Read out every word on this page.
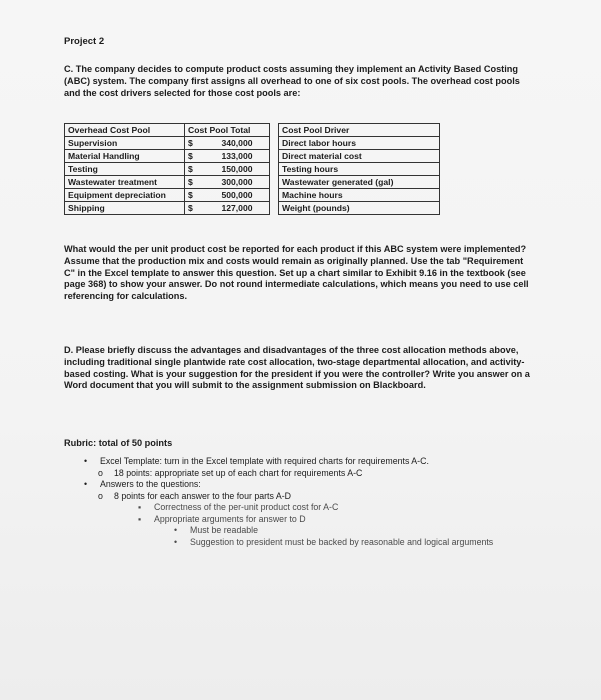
Project 2
C. The company decides to compute product costs assuming they implement an Activity Based Costing (ABC) system. The company first assigns all overhead to one of six cost pools. The overhead cost pools and the cost drivers selected for those cost pools are:
Overhead Cost Pool	Cost Pool Total			Cost Pool Driver
Supervision	$	340,000		Direct labor hours
Material Handling	$	133,000		Direct material cost
Testing	$	150,000		Testing hours
Wastewater treatment	$	300,000		Wastewater generated (gal)
Equipment depreciation	$	500,000		Machine hours
Shipping	$	127,000		Weight (pounds)
What would the per unit product cost be reported for each product if this ABC system were implemented? Assume that the production mix and costs would remain as originally planned. Use the tab "Requirement C" in the Excel template to answer this question. Set up a chart similar to Exhibit 9.16 in the textbook (see page 368) to show your answer. Do not round intermediate calculations, which means you need to use cell referencing for calculations.
D. Please briefly discuss the advantages and disadvantages of the three cost allocation methods above, including traditional single plantwide rate cost allocation, two-stage departmental allocation, and activity-based costing. What is your suggestion for the president if you were the controller? Write you answer on a Word document that you will submit to the assignment submission on Blackboard.
Rubric: total of 50 points
•	Excel Template: turn in the Excel template with required charts for requirements A-C.
o	18 points: appropriate set up of each chart for requirements A-C
•	Answers to the questions:
o	8 points for each answer to the four parts A-D
▪	Correctness of the per-unit product cost for A-C
▪	Appropriate arguments for answer to D
•	Must be readable
•	Suggestion to president must be backed by reasonable and logical arguments
